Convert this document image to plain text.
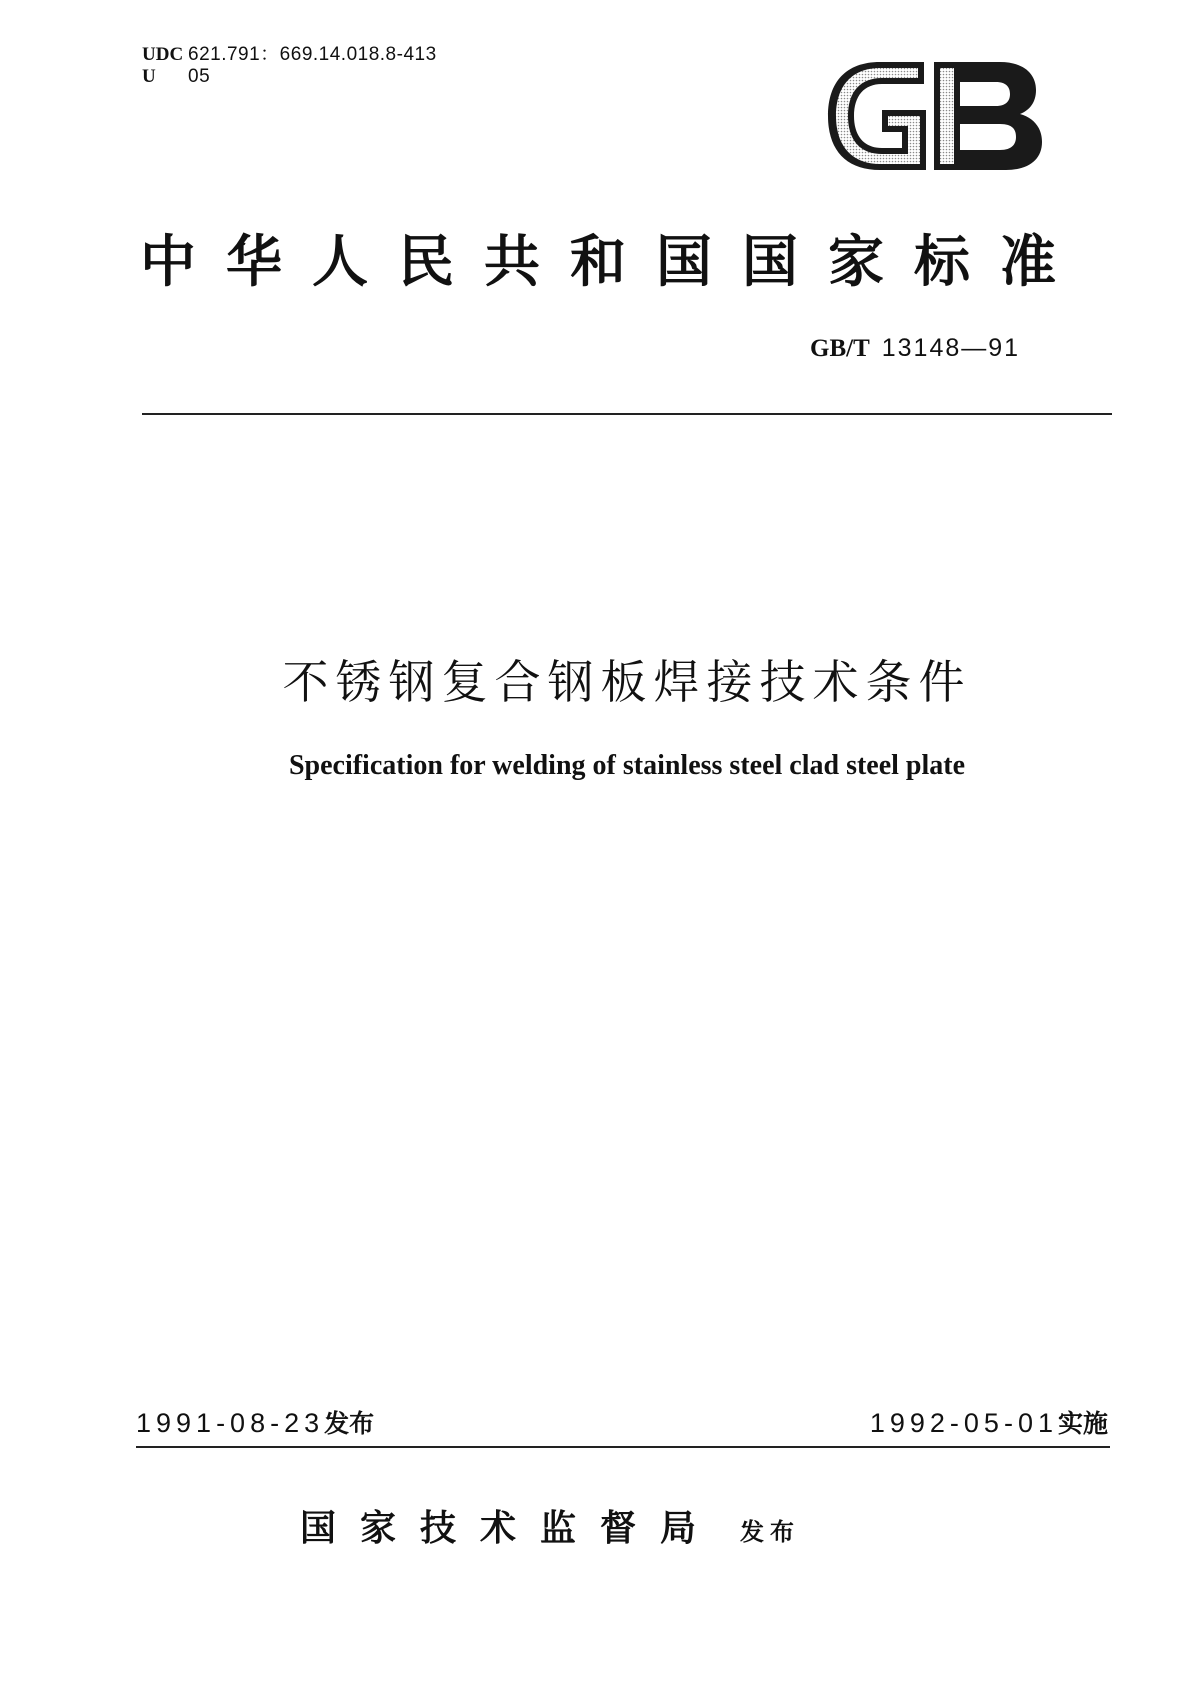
UDC 621.791：669.14.018.8-413
U 05
中华人民共和国国家标准
GB/T 13148—91
不锈钢复合钢板焊接技术条件
Specification for welding of stainless steel clad steel plate
1991-08-23发布	1992-05-01实施
国家技术监督局 发布
